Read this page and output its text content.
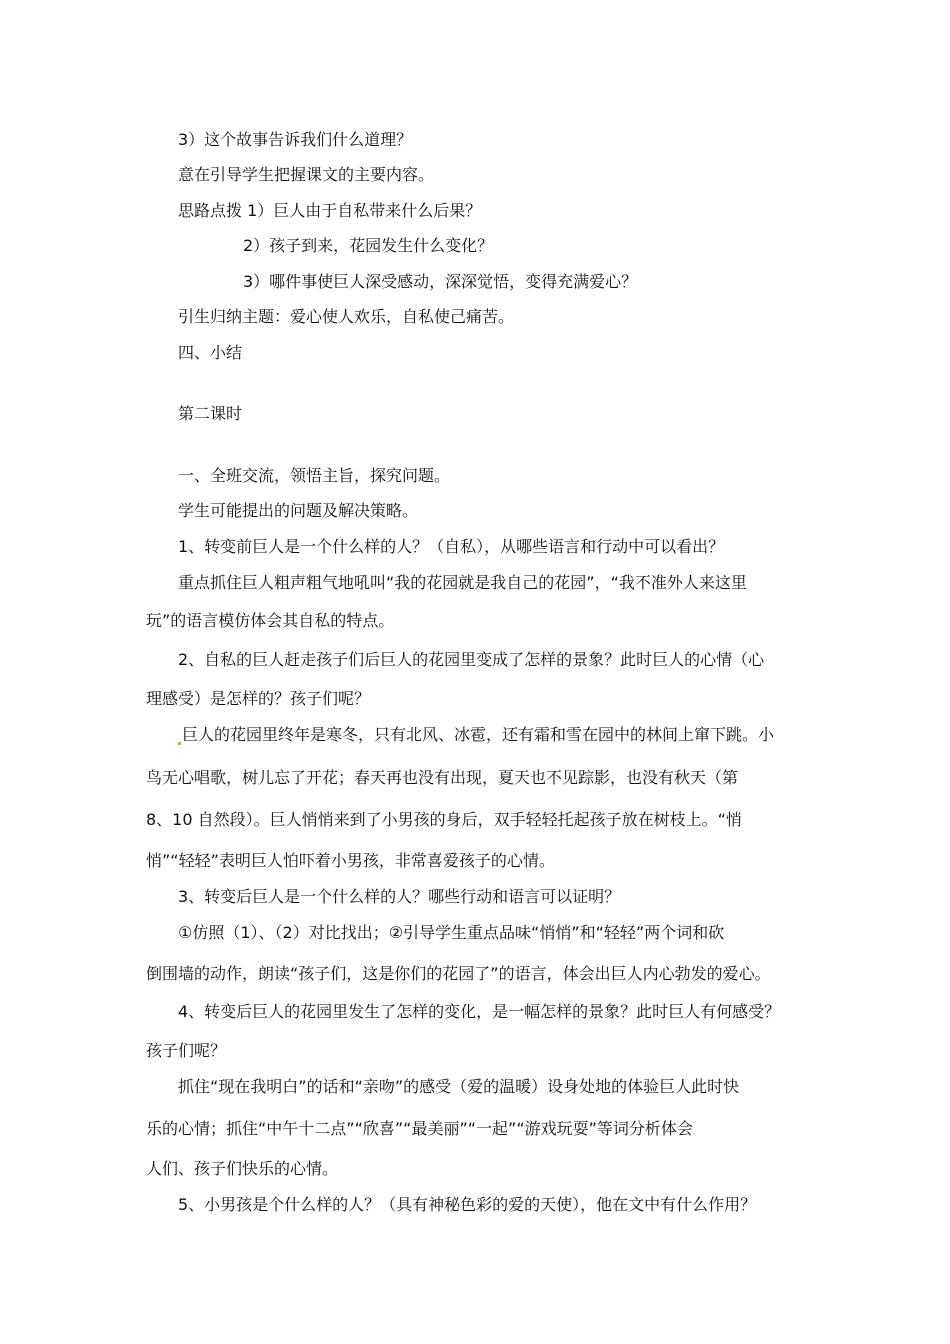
3）这个故事告诉我们什么道理？
意在引导学生把握课文的主要内容。
思路点拨 1）巨人由于自私带来什么后果？
2）孩子到来，花园发生什么变化？
3）哪件事使巨人深受感动，深深觉悟，变得充满爱心？
引生归纳主题：爱心使人欢乐，自私使己痛苦。
四、小结
第二课时
一、全班交流，领悟主旨，探究问题。
学生可能提出的问题及解决策略。
1、转变前巨人是一个什么样的人？（自私），从哪些语言和行动中可以看出？
重点抓住巨人粗声粗气地吼叫“我的花园就是我自己的花园”，“我不准外人来这里
玩”的语言模仿体会其自私的特点。
2、自私的巨人赶走孩子们后巨人的花园里变成了怎样的景象？此时巨人的心情（心
理感受）是怎样的？孩子们呢？
巨人的花园里终年是寒冬，只有北风、冰雹，还有霜和雪在园中的林间上窜下跳。小
鸟无心唱歌，树儿忘了开花；春天再也没有出现，夏天也不见踪影，也没有秋天（第
8、10 自然段）。巨人悄悄来到了小男孩的身后，双手轻轻托起孩子放在树枝上。“悄
悄”“轻轻”表明巨人怕吓着小男孩，非常喜爱孩子的心情。
3、转变后巨人是一个什么样的人？哪些行动和语言可以证明？
①仿照（1）、（2）对比找出；②引导学生重点品味“悄悄”和“轻轻”两个词和砍
倒围墙的动作，朗读“孩子们，这是你们的花园了”的语言，体会出巨人内心勃发的爱心。
4、转变后巨人的花园里发生了怎样的变化，是一幅怎样的景象？此时巨人有何感受？
孩子们呢？
抓住“现在我明白”的话和“亲吻”的感受（爱的温暖）设身处地的体验巨人此时快
乐的心情；抓住“中午十二点”“欣喜”“最美丽”“一起”“游戏玩耍”等词分析体会
人们、孩子们快乐的心情。
5、小男孩是个什么样的人？（具有神秘色彩的爱的天使），他在文中有什么作用？
